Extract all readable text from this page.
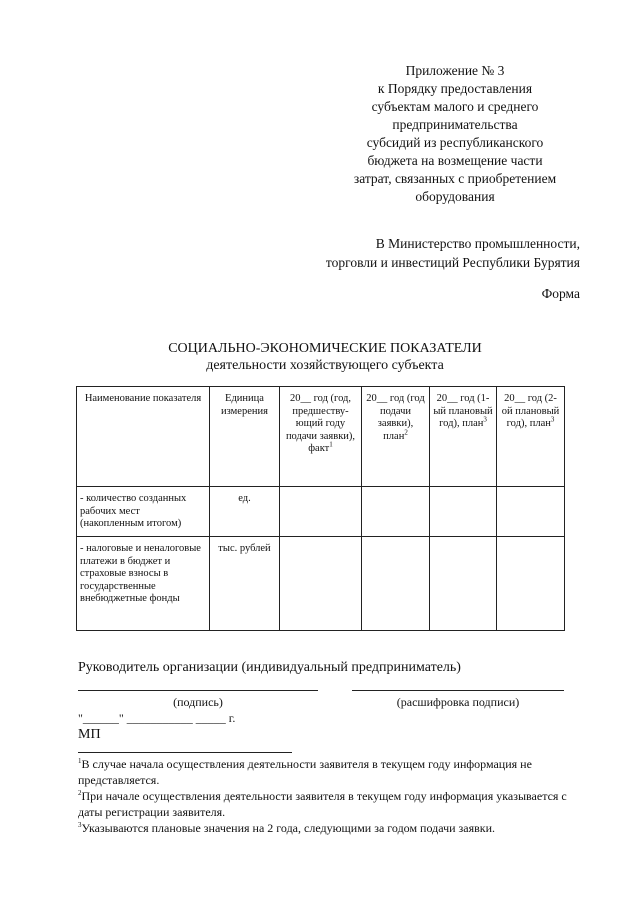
Приложение № 3
к Порядку предоставления
субъектам малого и среднего
предпринимательства
субсидий из республиканского
бюджета на возмещение части
затрат, связанных с приобретением
оборудования
В Министерство промышленности,
торговли и инвестиций Республики Бурятия
Форма
СОЦИАЛЬНО-ЭКОНОМИЧЕСКИЕ ПОКАЗАТЕЛИ
деятельности хозяйствующего субъекта
Наименование показателя	Единица измерения	20__ год (год, предшеству-ющий году подачи заявки), факт$^1$	20__ год (год подачи заявки), план$^2$	20__ год (1-ый плановый год), план$^3$	20__ год (2-ой плановый год), план$^3$
- количество созданных рабочих мест (накопленным итогом)	ед.				
- налоговые и неналоговые платежи в бюджет и страховые взносы в государственные внебюджетные фонды	тыс. рублей				
Руководитель организации (индивидуальный предприниматель)
(подпись)	(расшифровка подписи)
"______" ___________ _____ г.
МП

$^1$В случае начала осуществления деятельности заявителя в текущем году информация не представляется.

$^2$При начале осуществления деятельности заявителя в текущем году информация указывается с даты регистрации заявителя.

$^3$Указываются плановые значения на 2 года, следующими за годом подачи заявки.
